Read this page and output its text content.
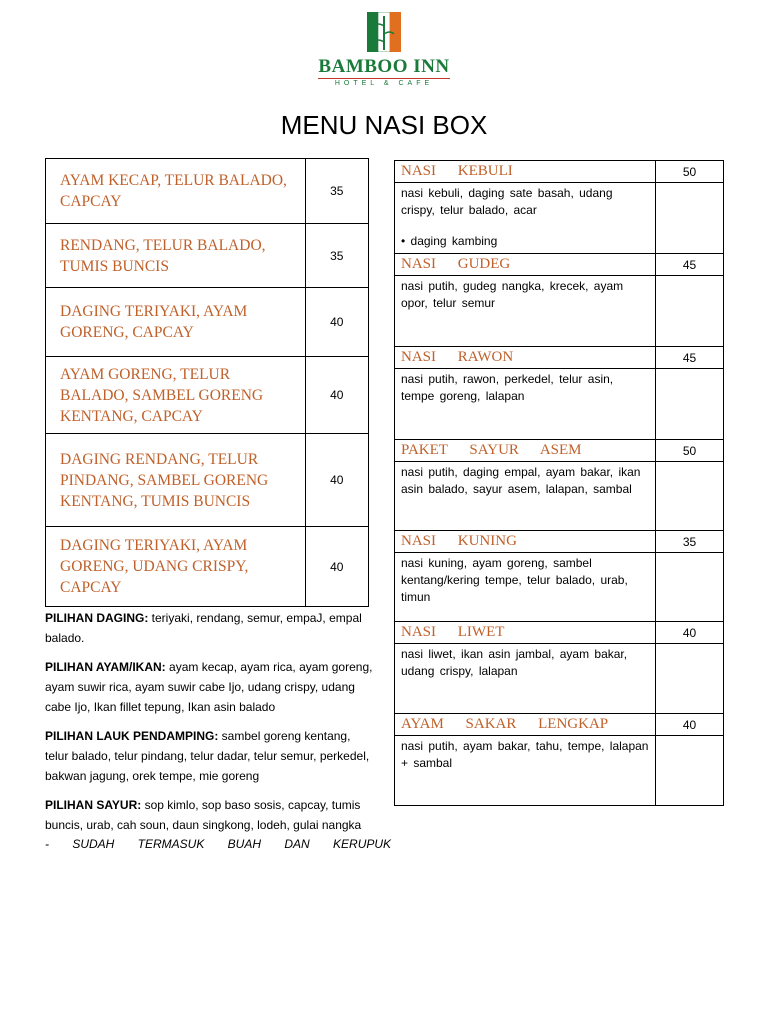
BAMBOO INN
HOTEL & CAFE
MENU NASI BOX
AYAM KECAP, TELUR BALADO, CAPCAY	35
RENDANG, TELUR BALADO, TUMIS BUNCIS	35
DAGING TERIYAKI, AYAM GORENG, CAPCAY	40
AYAM GORENG, TELUR BALADO, SAMBEL GORENG KENTANG, CAPCAY	40
DAGING RENDANG, TELUR PINDANG, SAMBEL GORENG KENTANG, TUMIS BUNCIS	40
DAGING TERIYAKI, AYAM GORENG, UDANG CRISPY, CAPCAY	40
NASI KEBULI	50
nasi kebuli, daging sate basah, udang crispy, telur balado, acar
• daging kambing	

NASI GUDEG	45
nasi putih, gudeg nangka, krecek, ayam opor, telur semur	
NASI RAWON	45
nasi putih, rawon, perkedel, telur asin, tempe goreng, lalapan	
PAKET SAYUR ASEM	50
nasi putih, daging empal, ayam bakar, ikan asin balado, sayur asem, lalapan, sambal	
NASI KUNING	35
nasi kuning, ayam goreng, sambel kentang/kering tempe, telur balado, urab, timun	
NASI LIWET	40
nasi liwet, ikan asin jambal, ayam bakar, udang crispy, lalapan	
AYAM SAKAR LENGKAP	40
nasi putih, ayam bakar, tahu, tempe, lalapan + sambal	

PILIHAN DAGING: teriyaki, rendang, semur, empaJ, empal balado.

PILIHAN AYAM/IKAN: ayam kecap, ayam rica, ayam goreng, ayam suwir rica, ayam suwir cabe Ijo, udang crispy, udang cabe Ijo, Ikan fillet tepung, Ikan asin balado

PILIHAN LAUK PENDAMPING: sambel goreng kentang, telur balado, telur pindang, telur dadar, telur semur, perkedel, bakwan jagung, orek tempe, mie goreng

PILIHAN SAYUR: sop kimlo, sop baso sosis, capcay, tumis buncis, urab, cah soun, daun singkong, lodeh, gulai nangka

- SUDAH TERMASUK BUAH DAN KERUPUK
